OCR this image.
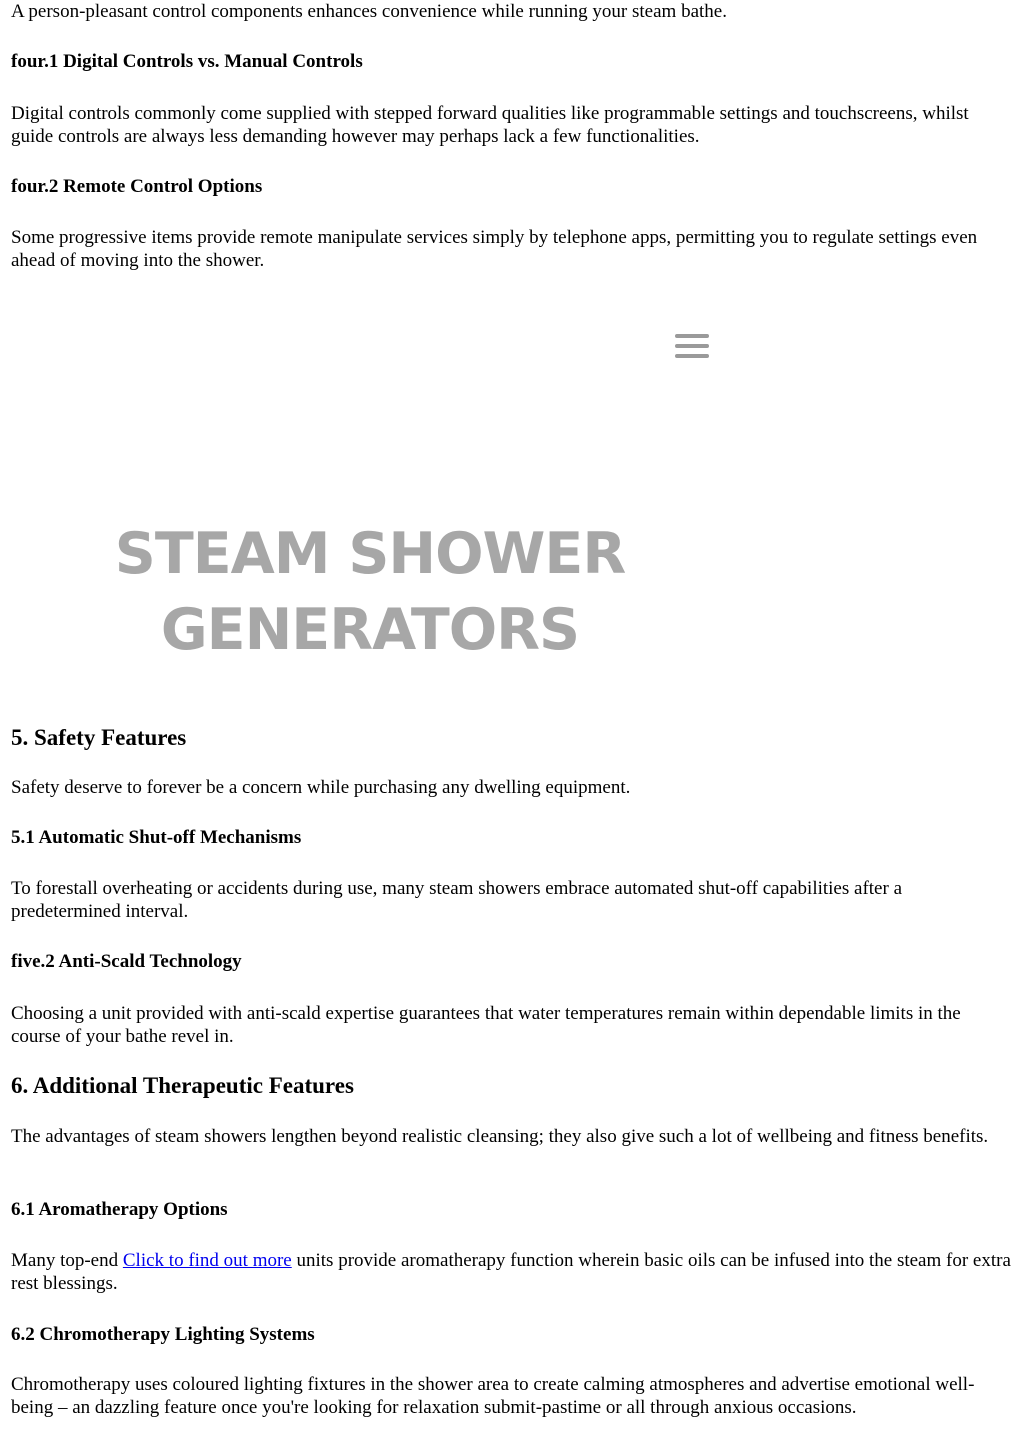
A person-pleasant control components enhances convenience while running your steam bathe.

four.1 Digital Controls vs. Manual Controls

Digital controls commonly come supplied with stepped forward qualities like programmable settings and touchscreens, whilst guide controls are always less demanding however may perhaps lack a few functionalities.

four.2 Remote Control Options

Some progressive items provide remote manipulate services simply by telephone apps, permitting you to regulate settings even ahead of moving into the shower.

STEAM SHOWER
GENERATORS
5. Safety Features

Safety deserve to forever be a concern while purchasing any dwelling equipment.

5.1 Automatic Shut-off Mechanisms

To forestall overheating or accidents during use, many steam showers embrace automated shut-off capabilities after a predetermined interval.

five.2 Anti-Scald Technology

Choosing a unit provided with anti-scald expertise guarantees that water temperatures remain within dependable limits in the course of your bathe revel in.

6. Additional Therapeutic Features

The advantages of steam showers lengthen beyond realistic cleansing; they also give such a lot of wellbeing and fitness benefits.

6.1 Aromatherapy Options

Many top-end Click to find out more units provide aromatherapy function wherein basic oils can be infused into the steam for extra rest blessings.

6.2 Chromotherapy Lighting Systems

Chromotherapy uses coloured lighting fixtures in the shower area to create calming atmospheres and advertise emotional well-being – an dazzling feature once you're looking for relaxation submit-pastime or all through anxious occasions.
